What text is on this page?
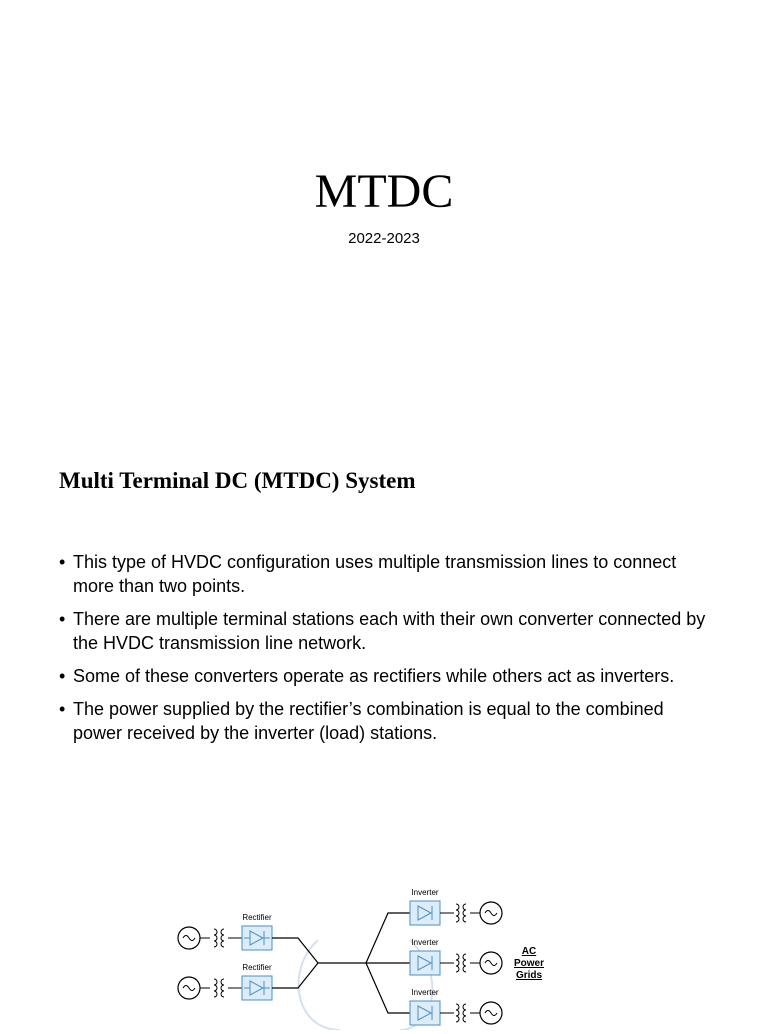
MTDC
2022-2023
Multi Terminal DC (MTDC) System
• This type of HVDC configuration uses multiple transmission lines to connect more than two points.
• There are multiple terminal stations each with their own converter connected by the HVDC transmission line network.
• Some of these converters operate as rectifiers while others act as inverters.
• The power supplied by the rectifier’s combination is equal to the combined power received by the inverter (load) stations.
Rectifier
Rectifier
Inverter
Inverter
Inverter
AC
Power
Grids
